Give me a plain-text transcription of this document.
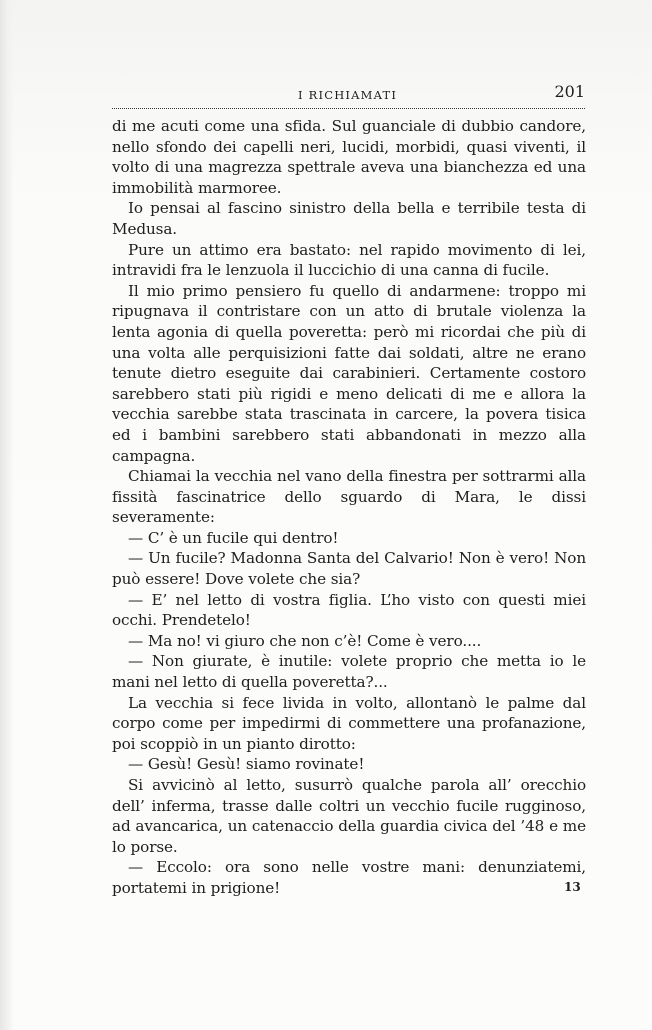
I RICHIAMATI	201

di me acuti come una sfida. Sul guanciale di dubbio candore, nello sfondo dei capelli neri, lucidi, morbidi, quasi viventi, il volto di una magrezza spettrale aveva una bianchezza ed una immobilità marmoree.

Io pensai al fascino sinistro della bella e terribile testa di Medusa.

Pure un attimo era bastato: nel rapido movimento di lei, intravidi fra le lenzuola il luccichio di una canna di fucile.

Il mio primo pensiero fu quello di andarmene: troppo mi ripugnava il contristare con un atto di brutale violenza la lenta agonia di quella poveretta: però mi ricordai che più di una volta alle perquisizioni fatte dai soldati, altre ne erano tenute dietro eseguite dai carabinieri. Certamente costoro sarebbero stati più rigidi e meno delicati di me e allora la vecchia sarebbe stata trascinata in carcere, la povera tisica ed i bambini sarebbero stati abbandonati in mezzo alla campagna.

Chiamai la vecchia nel vano della finestra per sottrarmi alla fissità fascinatrice dello sguardo di Mara, le dissi severamente:

— C’ è un fucile qui dentro!

— Un fucile? Madonna Santa del Calvario! Non è vero! Non può essere! Dove volete che sia?

— E’ nel letto di vostra figlia. L’ho visto con questi miei occhi. Prendetelo!

— Ma no! vi giuro che non c’è! Come è vero....

— Non giurate, è inutile: volete proprio che metta io le mani nel letto di quella poveretta?...

La vecchia si fece livida in volto, allontanò le palme dal corpo come per impedirmi di commettere una profanazione, poi scoppiò in un pianto dirotto:

— Gesù! Gesù! siamo rovinate!

Si avvicinò al letto, susurrò qualche parola all’ orecchio dell’ inferma, trasse dalle coltri un vecchio fucile rugginoso, ad avancarica, un catenaccio della guardia civica del ’48 e me lo porse.

— Eccolo: ora sono nelle vostre mani: denunziatemi, portatemi in prigione!	13
